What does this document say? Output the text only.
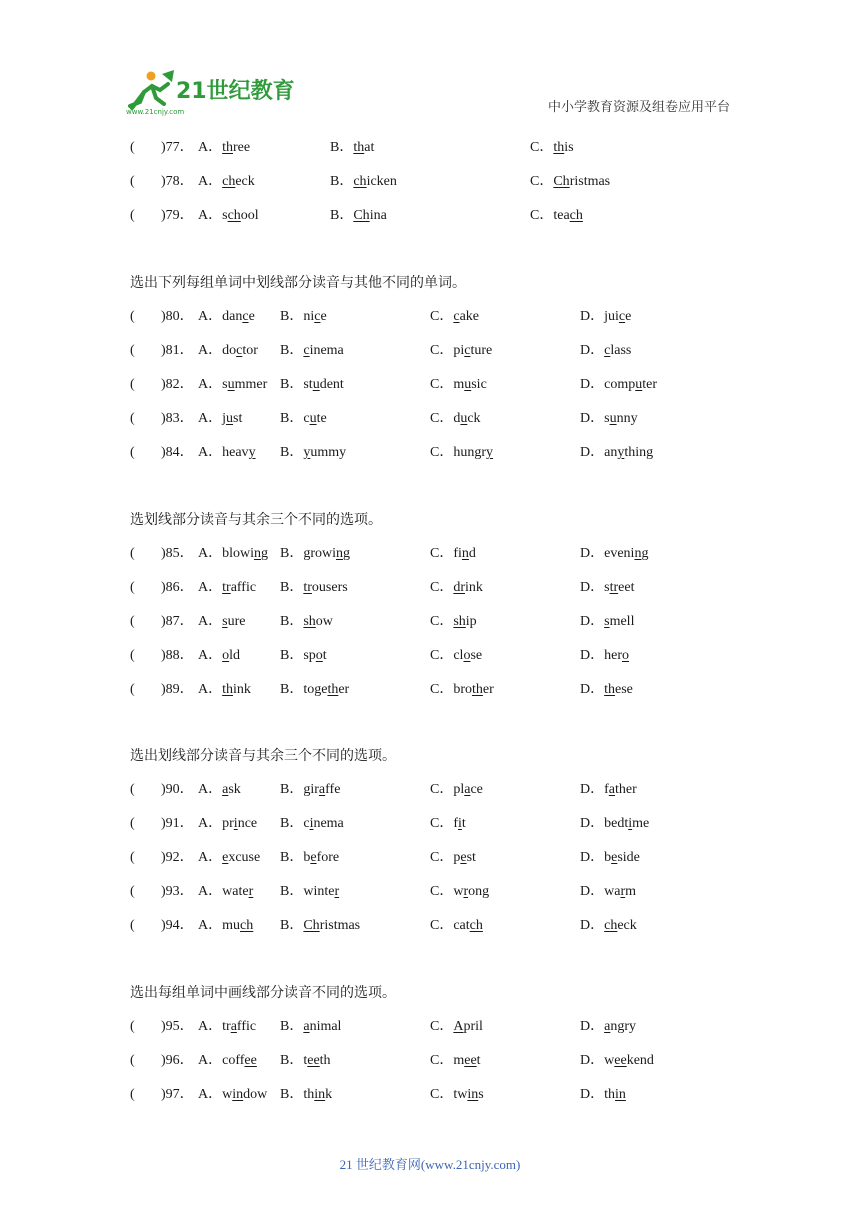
21世纪教育
www.21cnjy.com	中小学教育资源及组卷应用平台
( )77． A．three	B．that	C．this
( )78． A．check	B．chicken	C．Christmas
( )79． A．school	B．China	C．teach
选出下列每组单词中划线部分读音与其他不同的单词。
( )80． A．dance B．nice	C．cake	D．juice
( )81． A．doctor B．cinema	C．picture	D．class
( )82． A．summer B．student	C．music	D．computer
( )83． A．just	B．cute	C．duck	D．sunny
( )84． A．heavy B．yummy	C．hungry	D．anything
选划线部分读音与其余三个不同的选项。
( )85． A．blowing B．growing	C．find	D．evening
( )86． A．traffic B．trousers	C．drink	D．street
( )87． A．sure B．show	C．ship	D．smell
( )88． A．old	B．spot	C．close	D．hero
( )89． A．think B．together	C．brother	D．these
选出划线部分读音与其余三个不同的选项。
( )90． A．ask	B．giraffe	C．place	D．father
( )91． A．prince B．cinema	C．fit	D．bedtime
( )92． A．excuse B．before	C．pest	D．beside
( )93． A．water B．winter	C．wrong	D．warm
( )94． A．much B．Christmas	C．catch	D．check
选出每组单词中画线部分读音不同的选项。
( )95． A．traffic B．animal	C．April	D．angry
( )96． A．coffee B．teeth	C．meet	D．weekend
( )97． A．window B．think	C．twins	D．thin
21 世纪教育网(www.21cnjy.com)
